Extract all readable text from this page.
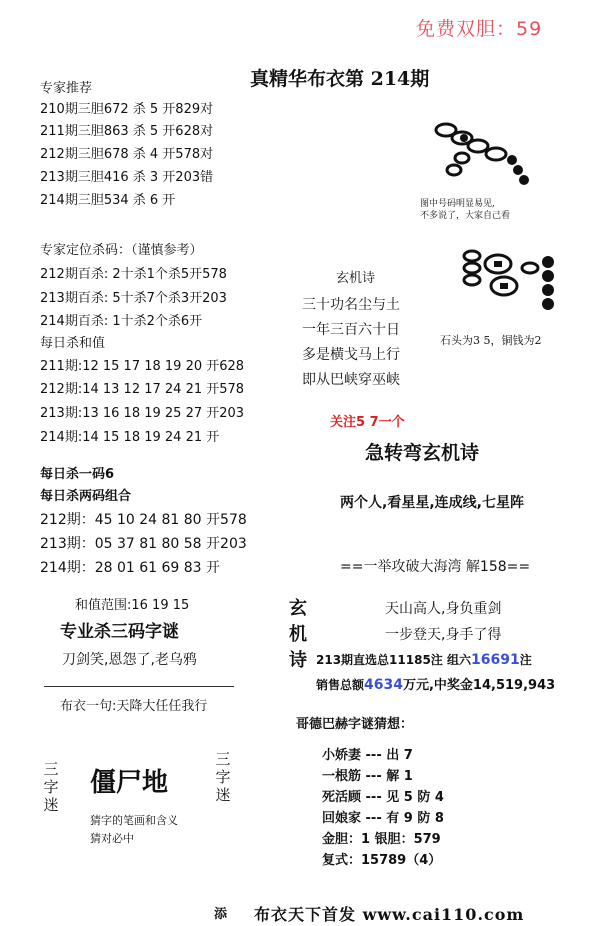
免费双胆：59
真精华布衣第 214期
专家推荐
210期三胆672 杀 5 开829对
211期三胆863 杀 5 开628对
212期三胆678 杀 4 开578对
213期三胆416 杀 3 开203错
214期三胆534 杀 6 开
专家定位杀码：（谨慎参考）
212期百杀: 2十杀1个杀5开578
213期百杀: 5十杀7个杀3开203
214期百杀: 1十杀2个杀6开
每日杀和值
211期:12 15 17 18 19 20 开628
212期:14 13 12 17 24 21 开578
213期:13 16 18 19 25 27 开203
214期:14 15 18 19 24 21 开
每日杀一码6
每日杀两码组合
212期：45 10 24 81 80 开578
213期：05 37 81 80 58 开203
214期：28 01 61 69 83 开
和值范围:16 19 15
专业杀三码字谜
刀剑笑,恩怨了,老乌鸦
布衣一句:天降大任任我行
三字迷
僵尸地
三字迷
猜字的笔画和含义
猜对必中
图中号码明显易见,
不多说了，大家自己看
石头为3 5，铜钱为2
玄机诗
三十功名尘与土
一年三百六十日
多是横戈马上行
即从巴峡穿巫峡
关注5 7一个
急转弯玄机诗
两个人,看星星,连成线,七星阵
==一举攻破大海湾 解158==
玄机诗
天山高人,身负重剑
一步登天,身手了得
213期直选总11185注 组六16691注
销售总额4634万元,中奖金14,519,943
哥德巴赫字谜猜想：
小娇妻 --- 出 7
一根筋 --- 解 1
死活顾 --- 见 5 防 4
回娘家 --- 有 9 防 8
金胆：1 银胆：579
复式：15789（4）
添 布衣天下首发 www.cai110.com
